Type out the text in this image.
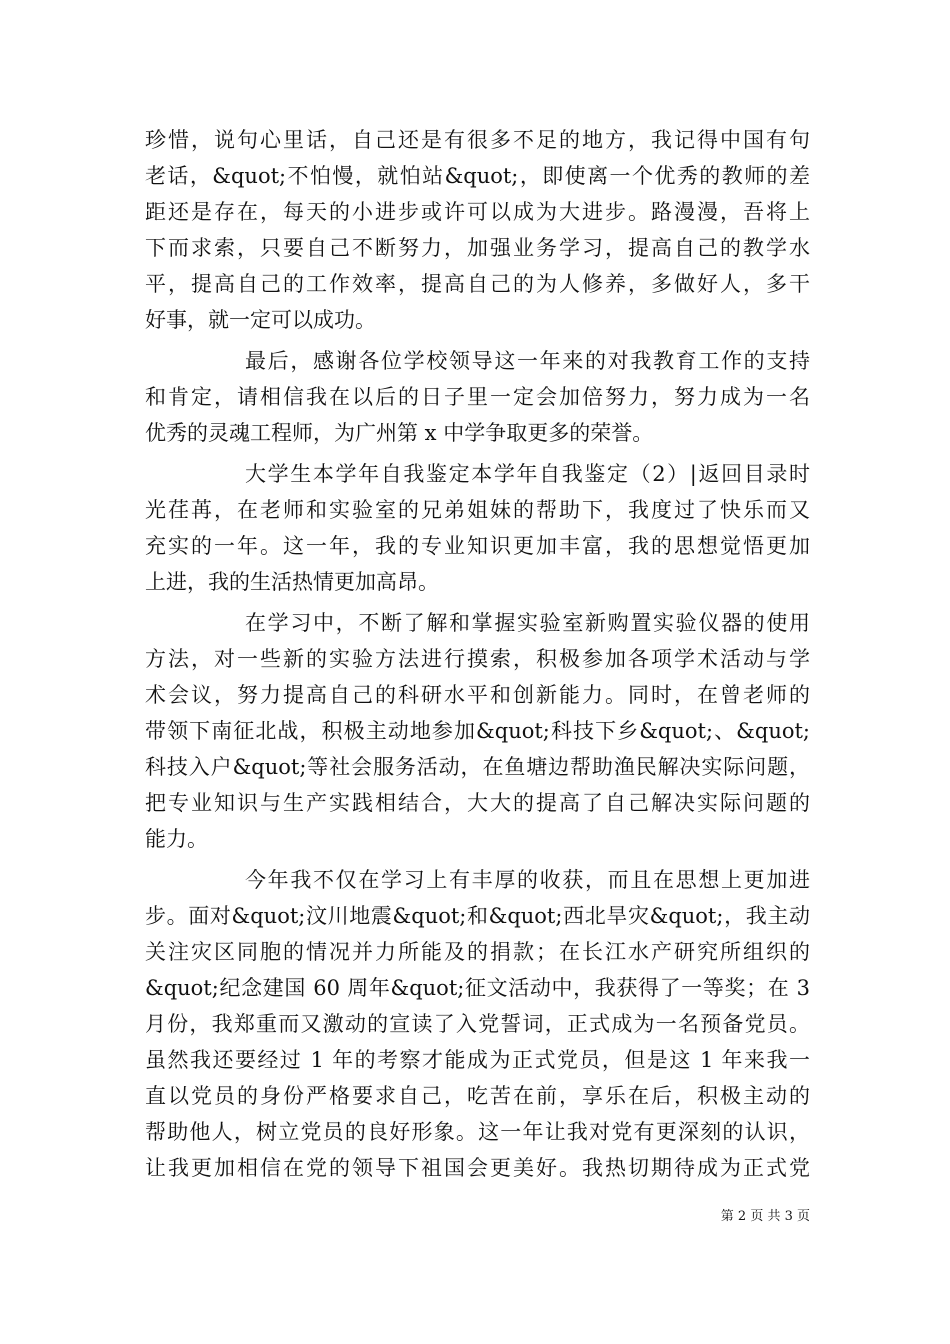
珍惜，说句心里话，自己还是有很多不足的地方，我记得中国有句
老话，&quot;不怕慢，就怕站&quot;，即使离一个优秀的教师的差
距还是存在，每天的小进步或许可以成为大进步。路漫漫，吾将上
下而求索，只要自己不断努力，加强业务学习，提高自己的教学水
平，提高自己的工作效率，提高自己的为人修养，多做好人，多干
好事，就一定可以成功。
最后，感谢各位学校领导这一年来的对我教育工作的支持
和肯定，请相信我在以后的日子里一定会加倍努力，努力成为一名
优秀的灵魂工程师，为广州第 x 中学争取更多的荣誉。
大学生本学年自我鉴定本学年自我鉴定（2）|返回目录时
光荏苒，在老师和实验室的兄弟姐妹的帮助下，我度过了快乐而又
充实的一年。这一年，我的专业知识更加丰富，我的思想觉悟更加
上进，我的生活热情更加高昂。
在学习中，不断了解和掌握实验室新购置实验仪器的使用
方法，对一些新的实验方法进行摸索，积极参加各项学术活动与学
术会议，努力提高自己的科研水平和创新能力。同时，在曾老师的
带领下南征北战，积极主动地参加&quot;科技下乡&quot;、&quot;
科技入户&quot;等社会服务活动，在鱼塘边帮助渔民解决实际问题，
把专业知识与生产实践相结合，大大的提高了自己解决实际问题的
能力。
今年我不仅在学习上有丰厚的收获，而且在思想上更加进
步。面对&quot;汶川地震&quot;和&quot;西北旱灾&quot;，我主动
关注灾区同胞的情况并力所能及的捐款；在长江水产研究所组织的
&quot;纪念建国 60 周年&quot;征文活动中，我获得了一等奖；在 3
月份，我郑重而又激动的宣读了入党誓词，正式成为一名预备党员。
虽然我还要经过 1 年的考察才能成为正式党员，但是这 1 年来我一
直以党员的身份严格要求自己，吃苦在前，享乐在后，积极主动的
帮助他人，树立党员的良好形象。这一年让我对党有更深刻的认识，
让我更加相信在党的领导下祖国会更美好。我热切期待成为正式党
第 2 页 共 3 页
